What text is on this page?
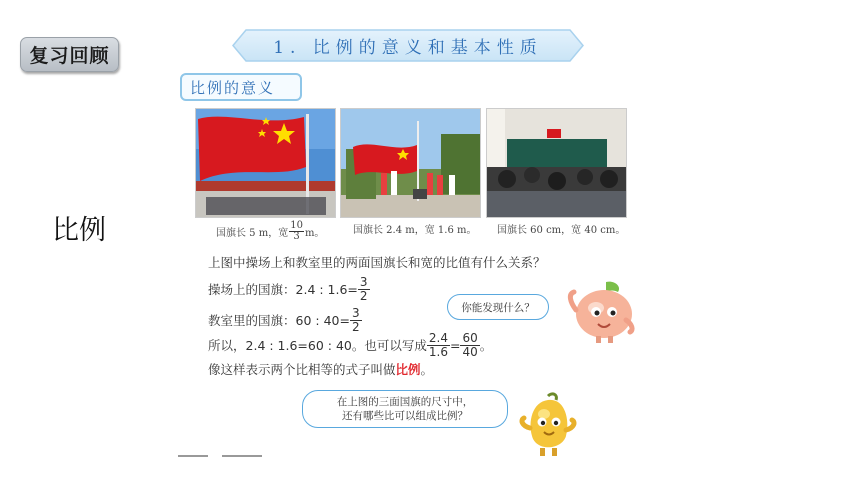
复习回顾
比例
1. 比例的意义和基本性质
比例的意义
国旗长 5 m，宽 $\frac{10}{3}$ m。	国旗长 2.4 m，宽 1.6 m。 国旗长 60 cm，宽 40 cm。
上图中操场上和教室里的两面国旗长和宽的比值有什么关系？
操场上的国旗： 2.4 : $1.6= \frac{3}{2}$
教室里的国旗： 60 : $40= \frac{3}{2}$
所以， 2.4 : 1.6=60 : 40 。也可以写成 $\frac{2.4}{1.6} = \frac{60}{40}$ 。
像这样表示两个比相等的式子叫做 比例 。
你能发现什么？
在上图的三面国旗的尺寸中，
还有哪些比可以组成比例？
